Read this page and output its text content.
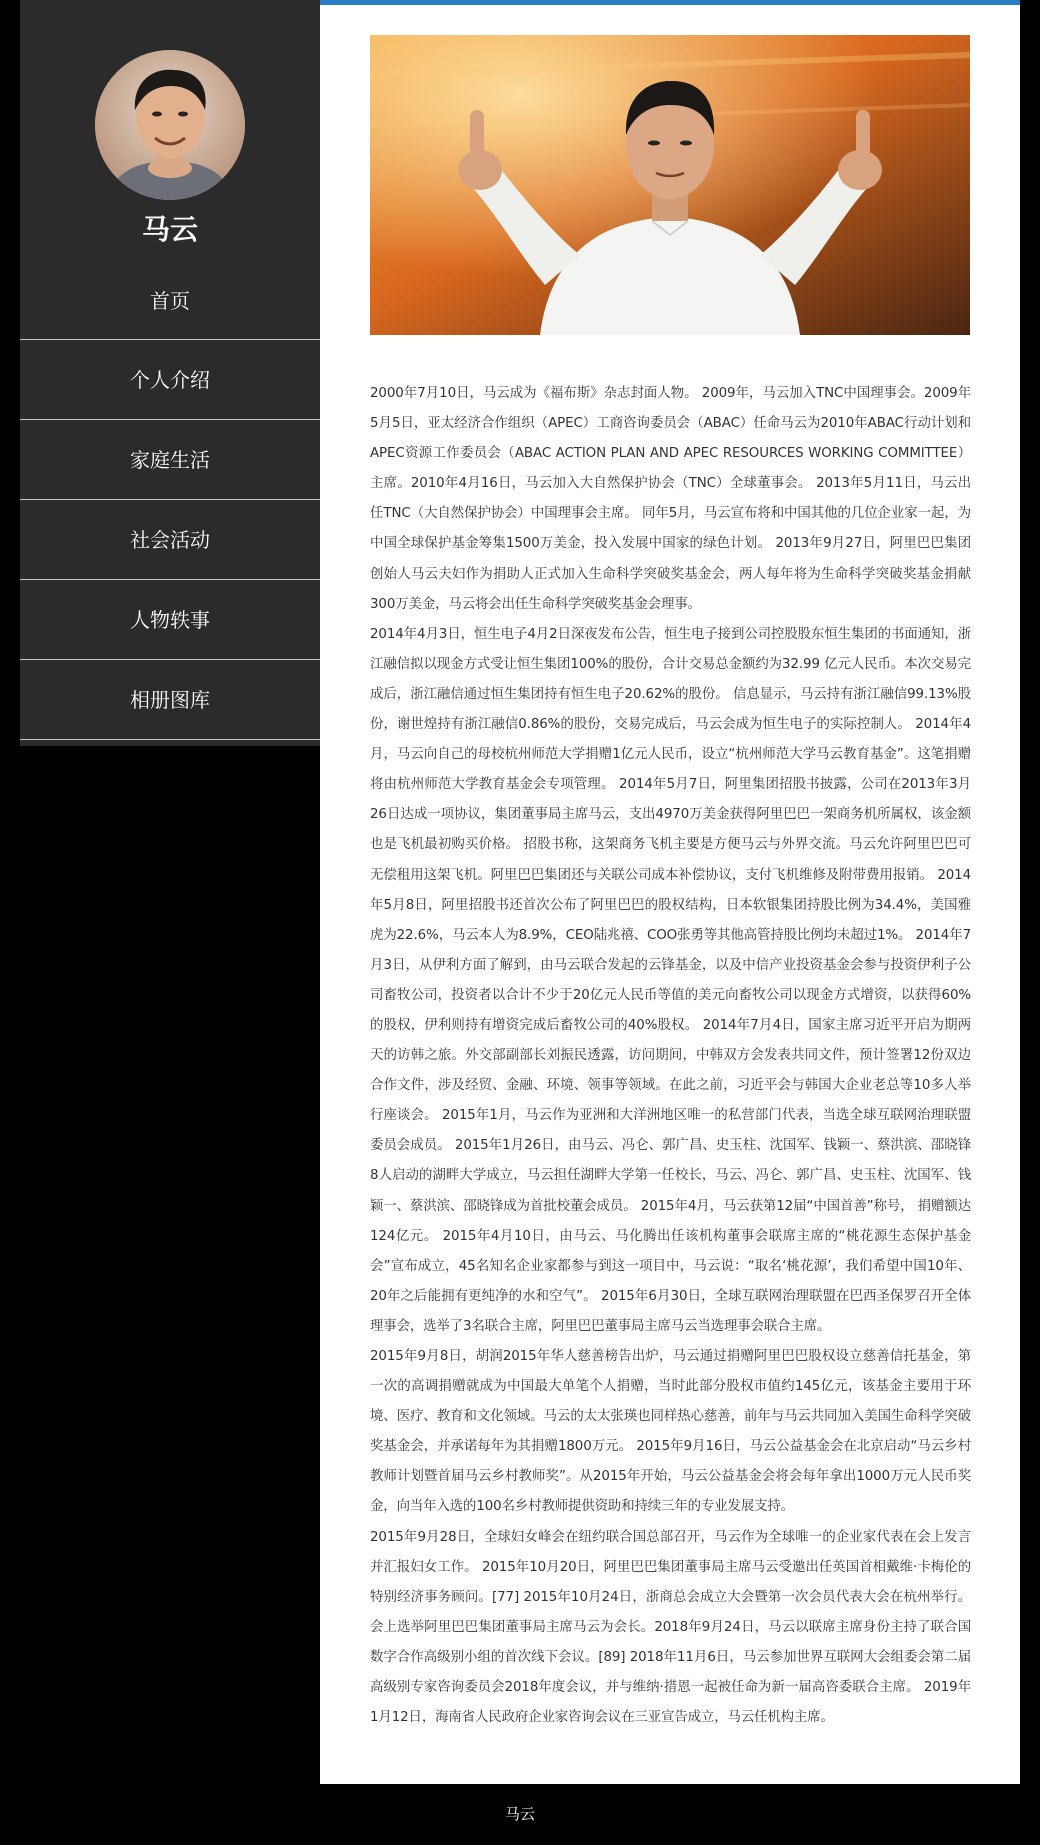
马云
首页
个人介绍
家庭生活
社会活动
人物轶事
相册图库

2000年7月10日，马云成为《福布斯》杂志封面人物。 2009年，马云加入TNC中国理事会。2009年5月5日，亚太经济合作组织（APEC）工商咨询委员会（ABAC）任命马云为2010年ABAC行动计划和APEC资源工作委员会（ABAC ACTION PLAN AND APEC RESOURCES WORKING COMMITTEE）主席。2010年4月16日，马云加入大自然保护协会（TNC）全球董事会。 2013年5月11日，马云出任TNC（大自然保护协会）中国理事会主席。 同年5月，马云宣布将和中国其他的几位企业家一起，为中国全球保护基金筹集1500万美金，投入发展中国家的绿色计划。 2013年9月27日，阿里巴巴集团创始人马云夫妇作为捐助人正式加入生命科学突破奖基金会，两人每年将为生命科学突破奖基金捐献300万美金，马云将会出任生命科学突破奖基金会理事。

2014年4月3日，恒生电子4月2日深夜发布公告，恒生电子接到公司控股股东恒生集团的书面通知，浙江融信拟以现金方式受让恒生集团100%的股份，合计交易总金额约为32.99 亿元人民币。本次交易完成后，浙江融信通过恒生集团持有恒生电子20.62%的股份。 信息显示，马云持有浙江融信99.13%股份，谢世煌持有浙江融信0.86%的股份，交易完成后，马云会成为恒生电子的实际控制人。 2014年4月，马云向自己的母校杭州师范大学捐赠1亿元人民币，设立“杭州师范大学马云教育基金”。这笔捐赠将由杭州师范大学教育基金会专项管理。 2014年5月7日，阿里集团招股书披露，公司在2013年3月26日达成一项协议，集团董事局主席马云，支出4970万美金获得阿里巴巴一架商务机所属权，该金额也是飞机最初购买价格。 招股书称，这架商务飞机主要是方便马云与外界交流。马云允许阿里巴巴可无偿租用这架飞机。阿里巴巴集团还与关联公司成本补偿协议，支付飞机维修及附带费用报销。 2014年5月8日，阿里招股书还首次公布了阿里巴巴的股权结构，日本软银集团持股比例为34.4%，美国雅虎为22.6%，马云本人为8.9%，CEO陆兆禧、COO张勇等其他高管持股比例均未超过1%。 2014年7月3日，从伊利方面了解到，由马云联合发起的云锋基金，以及中信产业投资基金会参与投资伊利子公司畜牧公司，投资者以合计不少于20亿元人民币等值的美元向畜牧公司以现金方式增资，以获得60%的股权，伊利则持有增资完成后畜牧公司的40%股权。 2014年7月4日，国家主席习近平开启为期两天的访韩之旅。外交部副部长刘振民透露，访问期间，中韩双方会发表共同文件，预计签署12份双边合作文件，涉及经贸、金融、环境、领事等领域。在此之前，习近平会与韩国大企业老总等10多人举行座谈会。 2015年1月，马云作为亚洲和大洋洲地区唯一的私营部门代表，当选全球互联网治理联盟委员会成员。 2015年1月26日，由马云、冯仑、郭广昌、史玉柱、沈国军、钱颖一、蔡洪滨、邵晓锋8人启动的湖畔大学成立，马云担任湖畔大学第一任校长，马云、冯仑、郭广昌、史玉柱、沈国军、钱颖一、蔡洪滨、邵晓锋成为首批校董会成员。 2015年4月，马云获第12届“中国首善”称号， 捐赠额达124亿元。 2015年4月10日，由马云、马化腾出任该机构董事会联席主席的“桃花源生态保护基金会”宣布成立，45名知名企业家都参与到这一项目中，马云说：“取名‘桃花源’，我们希望中国10年、20年之后能拥有更纯净的水和空气”。 2015年6月30日，全球互联网治理联盟在巴西圣保罗召开全体理事会，选举了3名联合主席，阿里巴巴董事局主席马云当选理事会联合主席。

2015年9月8日，胡润2015年华人慈善榜告出炉，马云通过捐赠阿里巴巴股权设立慈善信托基金，第一次的高调捐赠就成为中国最大单笔个人捐赠，当时此部分股权市值约145亿元，该基金主要用于环境、医疗、教育和文化领域。马云的太太张瑛也同样热心慈善，前年与马云共同加入美国生命科学突破奖基金会，并承诺每年为其捐赠1800万元。 2015年9月16日，马云公益基金会在北京启动“马云乡村教师计划暨首届马云乡村教师奖”。从2015年开始，马云公益基金会将会每年拿出1000万元人民币奖金，向当年入选的100名乡村教师提供资助和持续三年的专业发展支持。

2015年9月28日，全球妇女峰会在纽约联合国总部召开，马云作为全球唯一的企业家代表在会上发言并汇报妇女工作。 2015年10月20日，阿里巴巴集团董事局主席马云受邀出任英国首相戴维·卡梅伦的特别经济事务顾问。[77] 2015年10月24日，浙商总会成立大会暨第一次会员代表大会在杭州举行。会上选举阿里巴巴集团董事局主席马云为会长。2018年9月24日，马云以联席主席身份主持了联合国数字合作高级别小组的首次线下会议。[89] 2018年11月6日，马云参加世界互联网大会组委会第二届高级别专家咨询委员会2018年度会议，并与维纳·措恩一起被任命为新一届高咨委联合主席。 2019年1月12日，海南省人民政府企业家咨询会议在三亚宣告成立，马云任机构主席。

马云
